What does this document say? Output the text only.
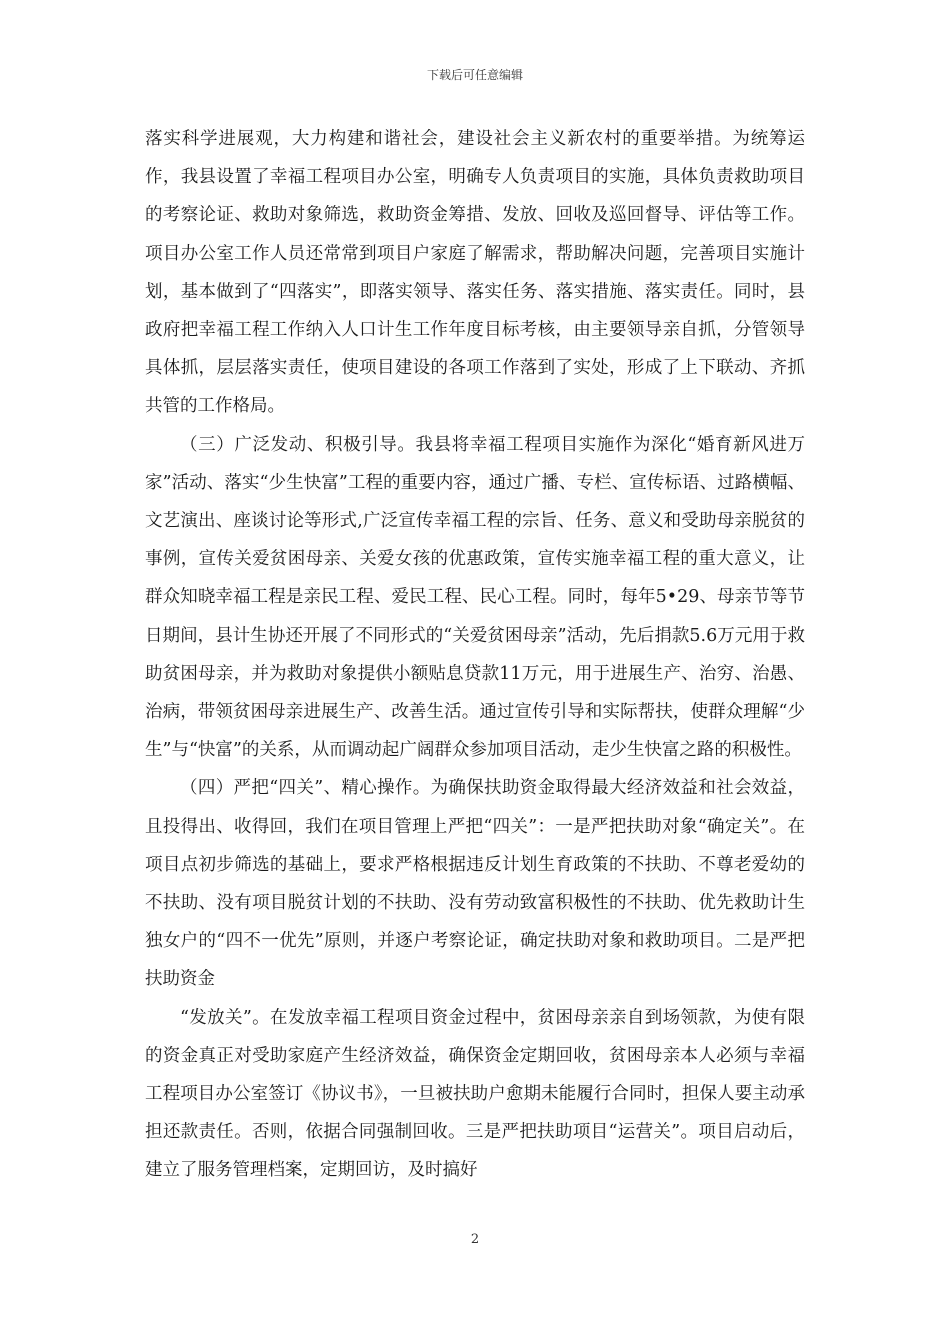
下载后可任意编辑

落实科学进展观，大力构建和谐社会，建设社会主义新农村的重要举措。为统筹运作，我县设置了幸福工程项目办公室，明确专人负责项目的实施，具体负责救助项目的考察论证、救助对象筛选，救助资金筹措、发放、回收及巡回督导、评估等工作。项目办公室工作人员还常常到项目户家庭了解需求，帮助解决问题，完善项目实施计划，基本做到了“四落实”，即落实领导、落实任务、落实措施、落实责任。同时，县政府把幸福工程工作纳入人口计生工作年度目标考核，由主要领导亲自抓，分管领导具体抓，层层落实责任，使项目建设的各项工作落到了实处，形成了上下联动、齐抓共管的工作格局。

（三）广泛发动、积极引导。我县将幸福工程项目实施作为深化“婚育新风进万家”活动、落实“少生快富”工程的重要内容，通过广播、专栏、宣传标语、过路横幅、文艺演出、座谈讨论等形式,广泛宣传幸福工程的宗旨、任务、意义和受助母亲脱贫的事例，宣传关爱贫困母亲、关爱女孩的优惠政策，宣传实施幸福工程的重大意义，让群众知晓幸福工程是亲民工程、爱民工程、民心工程。同时，每年5•29、母亲节等节日期间，县计生协还开展了不同形式的“关爱贫困母亲”活动，先后捐款5.6万元用于救助贫困母亲，并为救助对象提供小额贴息贷款11万元，用于进展生产、治穷、治愚、治病，带领贫困母亲进展生产、改善生活。通过宣传引导和实际帮扶，使群众理解“少生”与“快富”的关系，从而调动起广阔群众参加项目活动，走少生快富之路的积极性。

（四）严把“四关”、精心操作。为确保扶助资金取得最大经济效益和社会效益，且投得出、收得回，我们在项目管理上严把“四关”：一是严把扶助对象“确定关”。在项目点初步筛选的基础上，要求严格根据违反计划生育政策的不扶助、不尊老爱幼的不扶助、没有项目脱贫计划的不扶助、没有劳动致富积极性的不扶助、优先救助计生独女户的“四不一优先”原则，并逐户考察论证，确定扶助对象和救助项目。二是严把扶助资金

“发放关”。在发放幸福工程项目资金过程中，贫困母亲亲自到场领款，为使有限的资金真正对受助家庭产生经济效益，确保资金定期回收，贫困母亲本人必须与幸福工程项目办公室签订《协议书》，一旦被扶助户愈期未能履行合同时，担保人要主动承担还款责任。否则，依据合同强制回收。三是严把扶助项目“运营关”。项目启动后，建立了服务管理档案，定期回访，及时搞好

2
